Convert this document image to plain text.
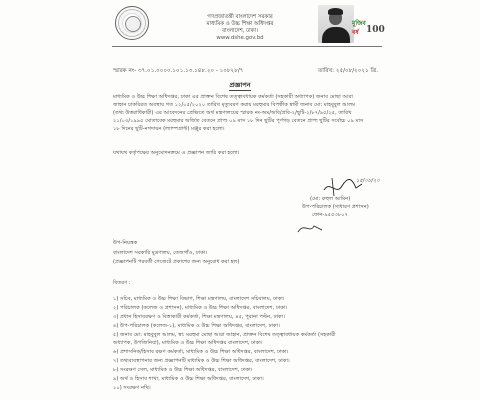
গণপ্রজাতন্ত্রী বাংলাদেশ সরকার
মাধ্যমিক ও উচ্চ শিক্ষা অধিদপ্তর
বাংলাদেশ, ঢাকা।
www.dshe.gov.bd
মুজিব
বর্ষ 100
স্মারক নং- ৩৭.০১.০০০০.১০১.১৩.১৪৮.২০ - ১০৮২৮/৭	তারিখ: ২৫/০৮/২০২১ খ্রি.
প্রজ্ঞাপন
মাধ্যমিক ও উচ্চ শিক্ষা অধিদপ্তর, ঢাকা এর প্রাক্তন বিশেষ তত্ত্বাবধায়ক কর্মকর্তা (সহকারী অধ্যাপক) জনাব মোছা আরা
জাহান চাকরিরত অবস্থায় গত ১২/০৫/২০২০ তারিখ মৃত্যুবরণ করায় মরহুমার বিপত্নীক স্বামী জনাব মো: মাহবুবুল আলম
(তথ্য উত্তরাধিকারী) এর আবেদনের প্রেক্ষিতে অর্থ মন্ত্রণালয়ের স্মারক নং-অম/অবি/প্রবি-২/ছুটি-২/৮৭/৯৫/২৫, তারিখ
২১/০৩/১৯৯৫ মোতাবেক মরহুমার অর্জিত বেতনে প্রাপ্য ০৯ মাস ১৮ দিন ছুটির পূর্ণগড় বেতনে প্রাপ্য ছুটির সর্বোচ্চ ০৯ মাস
১৮ দিনের ছুটি-নগদায়ন (ল্যাম্পগ্রান্ট) মঞ্জুর করা হলো।
যথাযথ কর্তৃপক্ষের অনুমোদনক্রমে এ প্রজ্ঞাপন জারি করা হলো।
১৫/০৮/২০
(মো: রুহুল আমিন)
উপ-পরিচালক (সাধারণ প্রশাসন)
ফোন-৯৫৫৩৮০৭
উপ-নিয়ন্ত্রক
বাংলাদেশ সরকারি মুদ্রণালয়, তেজগাঁও, ঢাকা।
(প্রজ্ঞাপনটি পরবর্তী গেজেটে প্রকাশের জন্য অনুরোধ করা হল)
বিতরণ :
১) সচিব, মাধ্যমিক ও উচ্চ শিক্ষা বিভাগ, শিক্ষা মন্ত্রণালয়, বাংলাদেশ সচিবালয়, ঢাকা।
২) পরিচালক (কলেজ ও প্রশাসন), মাধ্যমিক ও উচ্চ শিক্ষা অধিদপ্তর, বাংলাদেশ, ঢাকা।
৩) প্রধান হিসাবরক্ষণ ও বিত্তাকারী কর্মকর্তা, শিক্ষা মন্ত্রণালয়, ৪৫, পুরানা পল্টন, ঢাকা।
৪) উপ-পরিচালক (কলেজ-১), মাধ্যমিক ও উচ্চ শিক্ষা অধিদপ্তর, বাংলাদেশ, ঢাকা।
৫) জনাব মো: মাহবুবুল আলম, স্বা: মরহুমা মোছা আরা জাহান, প্রাক্তন বিশেষ তত্ত্বাবধায়ক কর্মকর্তা (সহকারী
অধ্যাপক, উপজিনিয়া), মাধ্যমিক ও উচ্চ শিক্ষা অধিদপ্তর বাংলাদেশ, ঢাকা।
৬) প্রশাসনিক/হিসাব রক্ষণ কর্মকর্তা, মাধ্যমিক ও উচ্চ শিক্ষা অধিদপ্তর, বাংলাদেশ, ঢাকা।
৭) তথ্যব্যবস্থাপনার জন্য প্রজ্ঞাপনটি মাধ্যমিক ও উচ্চ শিক্ষা অধিদপ্তর, বাংলাদেশ, ঢাকা।
৮) সংরক্ষণ সেল, মাধ্যমিক ও উচ্চ শিক্ষা অধিদপ্তর, বাংলাদেশ, ঢাকা।
৯) অর্থ ও হিসাব শাখা, মাধ্যমিক ও উচ্চ শিক্ষা অধিদপ্তর, বাংলাদেশ, ঢাকা।
১০) সংরক্ষণ নথি।
